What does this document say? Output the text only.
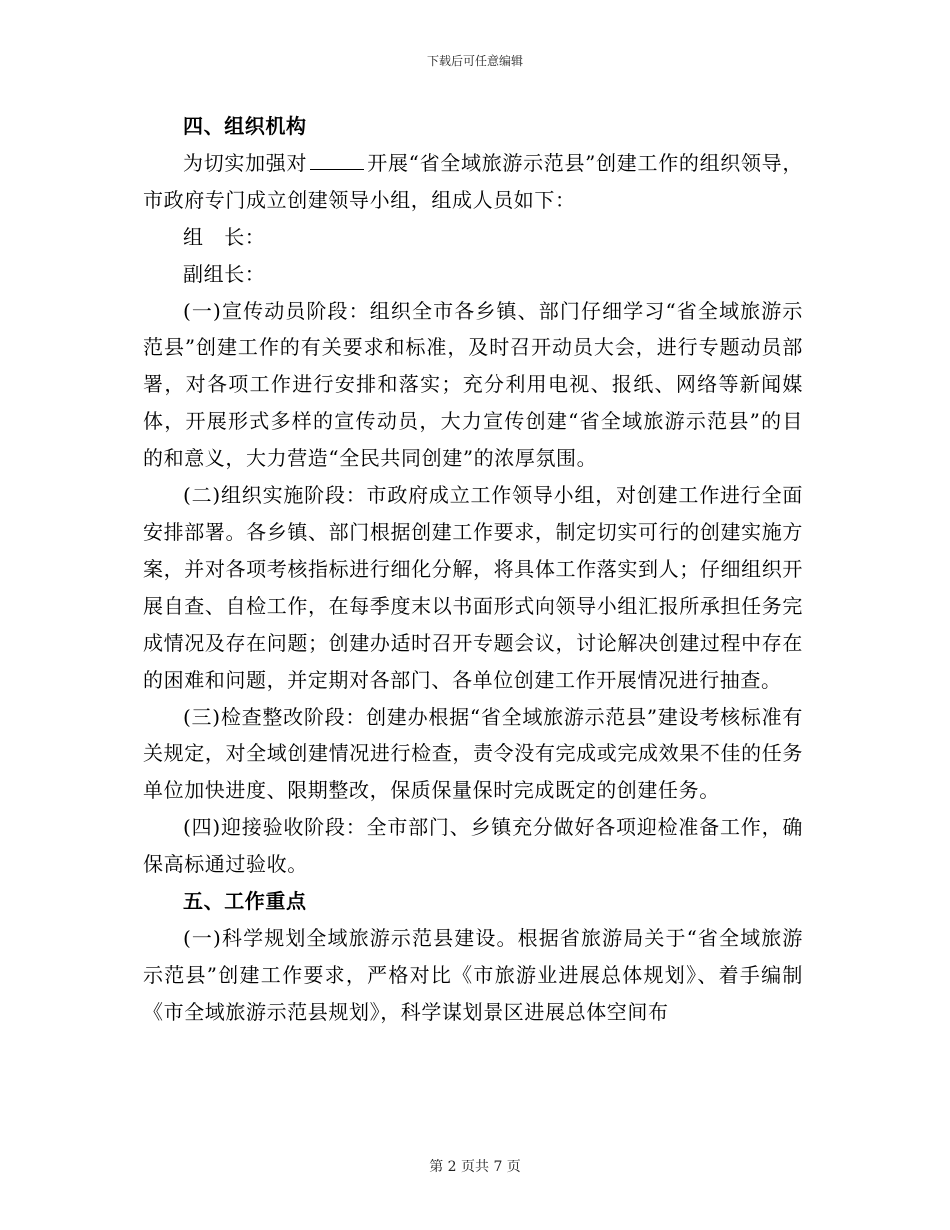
下载后可任意编辑
四、组织机构

为切实加强对	开展“省全域旅游示范县”创建工作的组织领导，市政府专门成立创建领导小组，组成人员如下：

组　长：

副组长：

(一)宣传动员阶段：组织全市各乡镇、部门仔细学习“省全域旅游示范县”创建工作的有关要求和标准，及时召开动员大会，进行专题动员部署，对各项工作进行安排和落实；充分利用电视、报纸、网络等新闻媒体，开展形式多样的宣传动员，大力宣传创建“省全域旅游示范县”的目的和意义，大力营造“全民共同创建”的浓厚氛围。

(二)组织实施阶段：市政府成立工作领导小组，对创建工作进行全面安排部署。各乡镇、部门根据创建工作要求，制定切实可行的创建实施方案，并对各项考核指标进行细化分解，将具体工作落实到人；仔细组织开展自查、自检工作，在每季度末以书面形式向领导小组汇报所承担任务完成情况及存在问题；创建办适时召开专题会议，讨论解决创建过程中存在的困难和问题，并定期对各部门、各单位创建工作开展情况进行抽查。

(三)检查整改阶段：创建办根据“省全域旅游示范县”建设考核标准有关规定，对全域创建情况进行检查，责令没有完成或完成效果不佳的任务单位加快进度、限期整改，保质保量保时完成既定的创建任务。

(四)迎接验收阶段：全市部门、乡镇充分做好各项迎检准备工作，确保高标通过验收。

五、工作重点

(一)科学规划全域旅游示范县建设。根据省旅游局关于“省全域旅游示范县”创建工作要求，严格对比《市旅游业进展总体规划》、着手编制《市全域旅游示范县规划》，科学谋划景区进展总体空间布

第 2 页共 7 页
